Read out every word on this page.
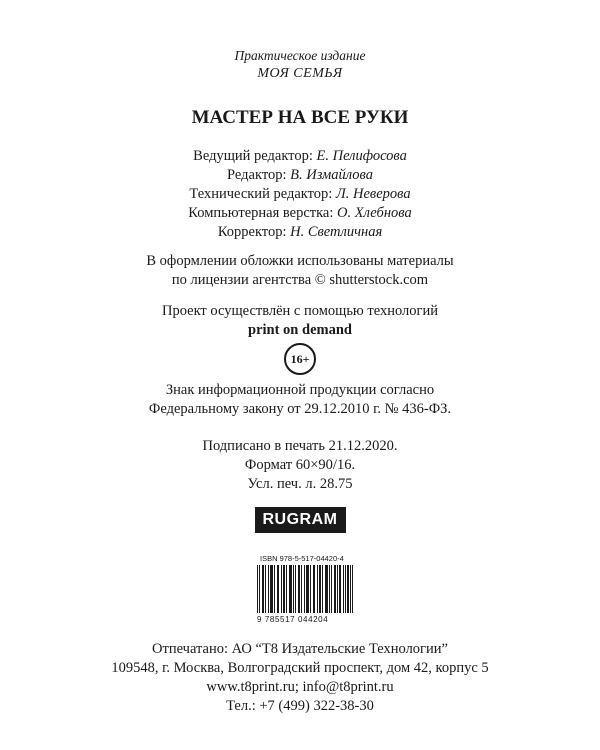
Практическое издание
МОЯ СЕМЬЯ
МАСТЕР НА ВСЕ РУКИ
Ведущий редактор: Е. Пелифосова
Редактор: В. Измайлова
Технический редактор: Л. Неверова
Компьютерная верстка: О. Хлебнова
Корректор: Н. Светличная
В оформлении обложки использованы материалы
по лицензии агентства © shutterstock.com
Проект осуществлён с помощью технологий
print on demand
16+
Знак информационной продукции согласно
Федеральному закону от 29.12.2010 г. № 436-ФЗ.
Подписано в печать 21.12.2020.
Формат 60×90/16.
Усл. печ. л. 28.75
RUGRAM
ISBN 978-5-517-04420-4
9 785517 044204
Отпечатано: АО “Т8 Издательские Технологии”
109548, г. Москва, Волгоградский проспект, дом 42, корпус 5
www.t8print.ru; info@t8print.ru
Тел.: +7 (499) 322-38-30
